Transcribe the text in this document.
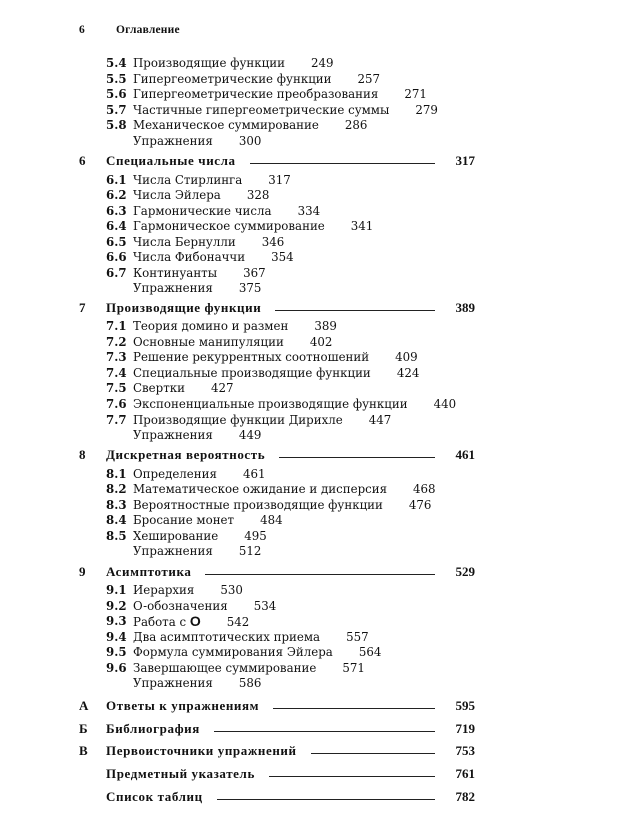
6	Оглавление
5.4 Производящие функции 249
5.5 Гипергеометрические функции 257
5.6 Гипергеометрические преобразования 271
5.7 Частичные гипергеометрические суммы 279
5.8 Механическое суммирование 286
Упражнения 300
6 Специальные числа	317
6.1 Числа Стирлинга 317
6.2 Числа Эйлера 328
6.3 Гармонические числа 334
6.4 Гармоническое суммирование 341
6.5 Числа Бернулли 346
6.6 Числа Фибоначчи 354
6.7 Континуанты 367
Упражнения 375
7 Производящие функции	389
7.1 Теория домино и размен 389
7.2 Основные манипуляции 402
7.3 Решение рекуррентных соотношений 409
7.4 Специальные производящие функции 424
7.5 Свертки 427
7.6 Экспоненциальные производящие функции 440
7.7 Производящие функции Дирихле 447
Упражнения 449
8 Дискретная вероятность	461
8.1 Определения 461
8.2 Математическое ожидание и дисперсия 468
8.3 Вероятностные производящие функции 476
8.4 Бросание монет 484
8.5 Хеширование 495
Упражнения 512
9 Асимптотика	529
9.1 Иерархия 530
9.2 O-обозначения 534
9.3 Работа с O 542
9.4 Два асимптотических приема 557
9.5 Формула суммирования Эйлера 564
9.6 Завершающее суммирование 571
Упражнения 586
A Ответы к упражнениям	595
Б Библиография	719
В Первоисточники упражнений	753
Предметный указатель	761
Список таблиц	782
